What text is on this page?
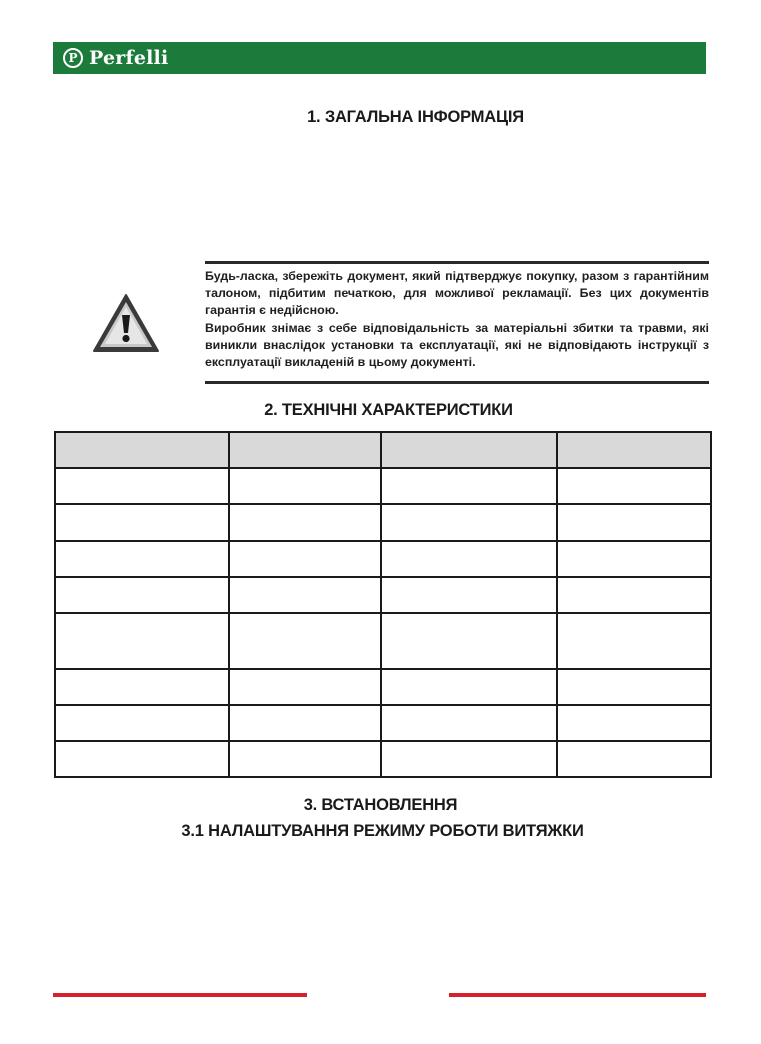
P Perfelli
1. ЗАГАЛЬНА ІНФОРМАЦІЯ

Будь-ласка, збережіть документ, який підтверджує покупку, разом з гарантійним талоном, підбитим печаткою, для можливої рекламації. Без цих документів гарантія є недійсною.

Виробник знімає з себе відповідальність за матеріальні збитки та травми, які виникли внаслідок установки та експлуатації, які не відповідають інструкції з експлуатації викладеній в цьому документі.

2. ТЕХНІЧНІ ХАРАКТЕРИСТИКИ

3. ВСТАНОВЛЕННЯ
3.1 НАЛАШТУВАННЯ РЕЖИМУ РОБОТИ ВИТЯЖКИ
